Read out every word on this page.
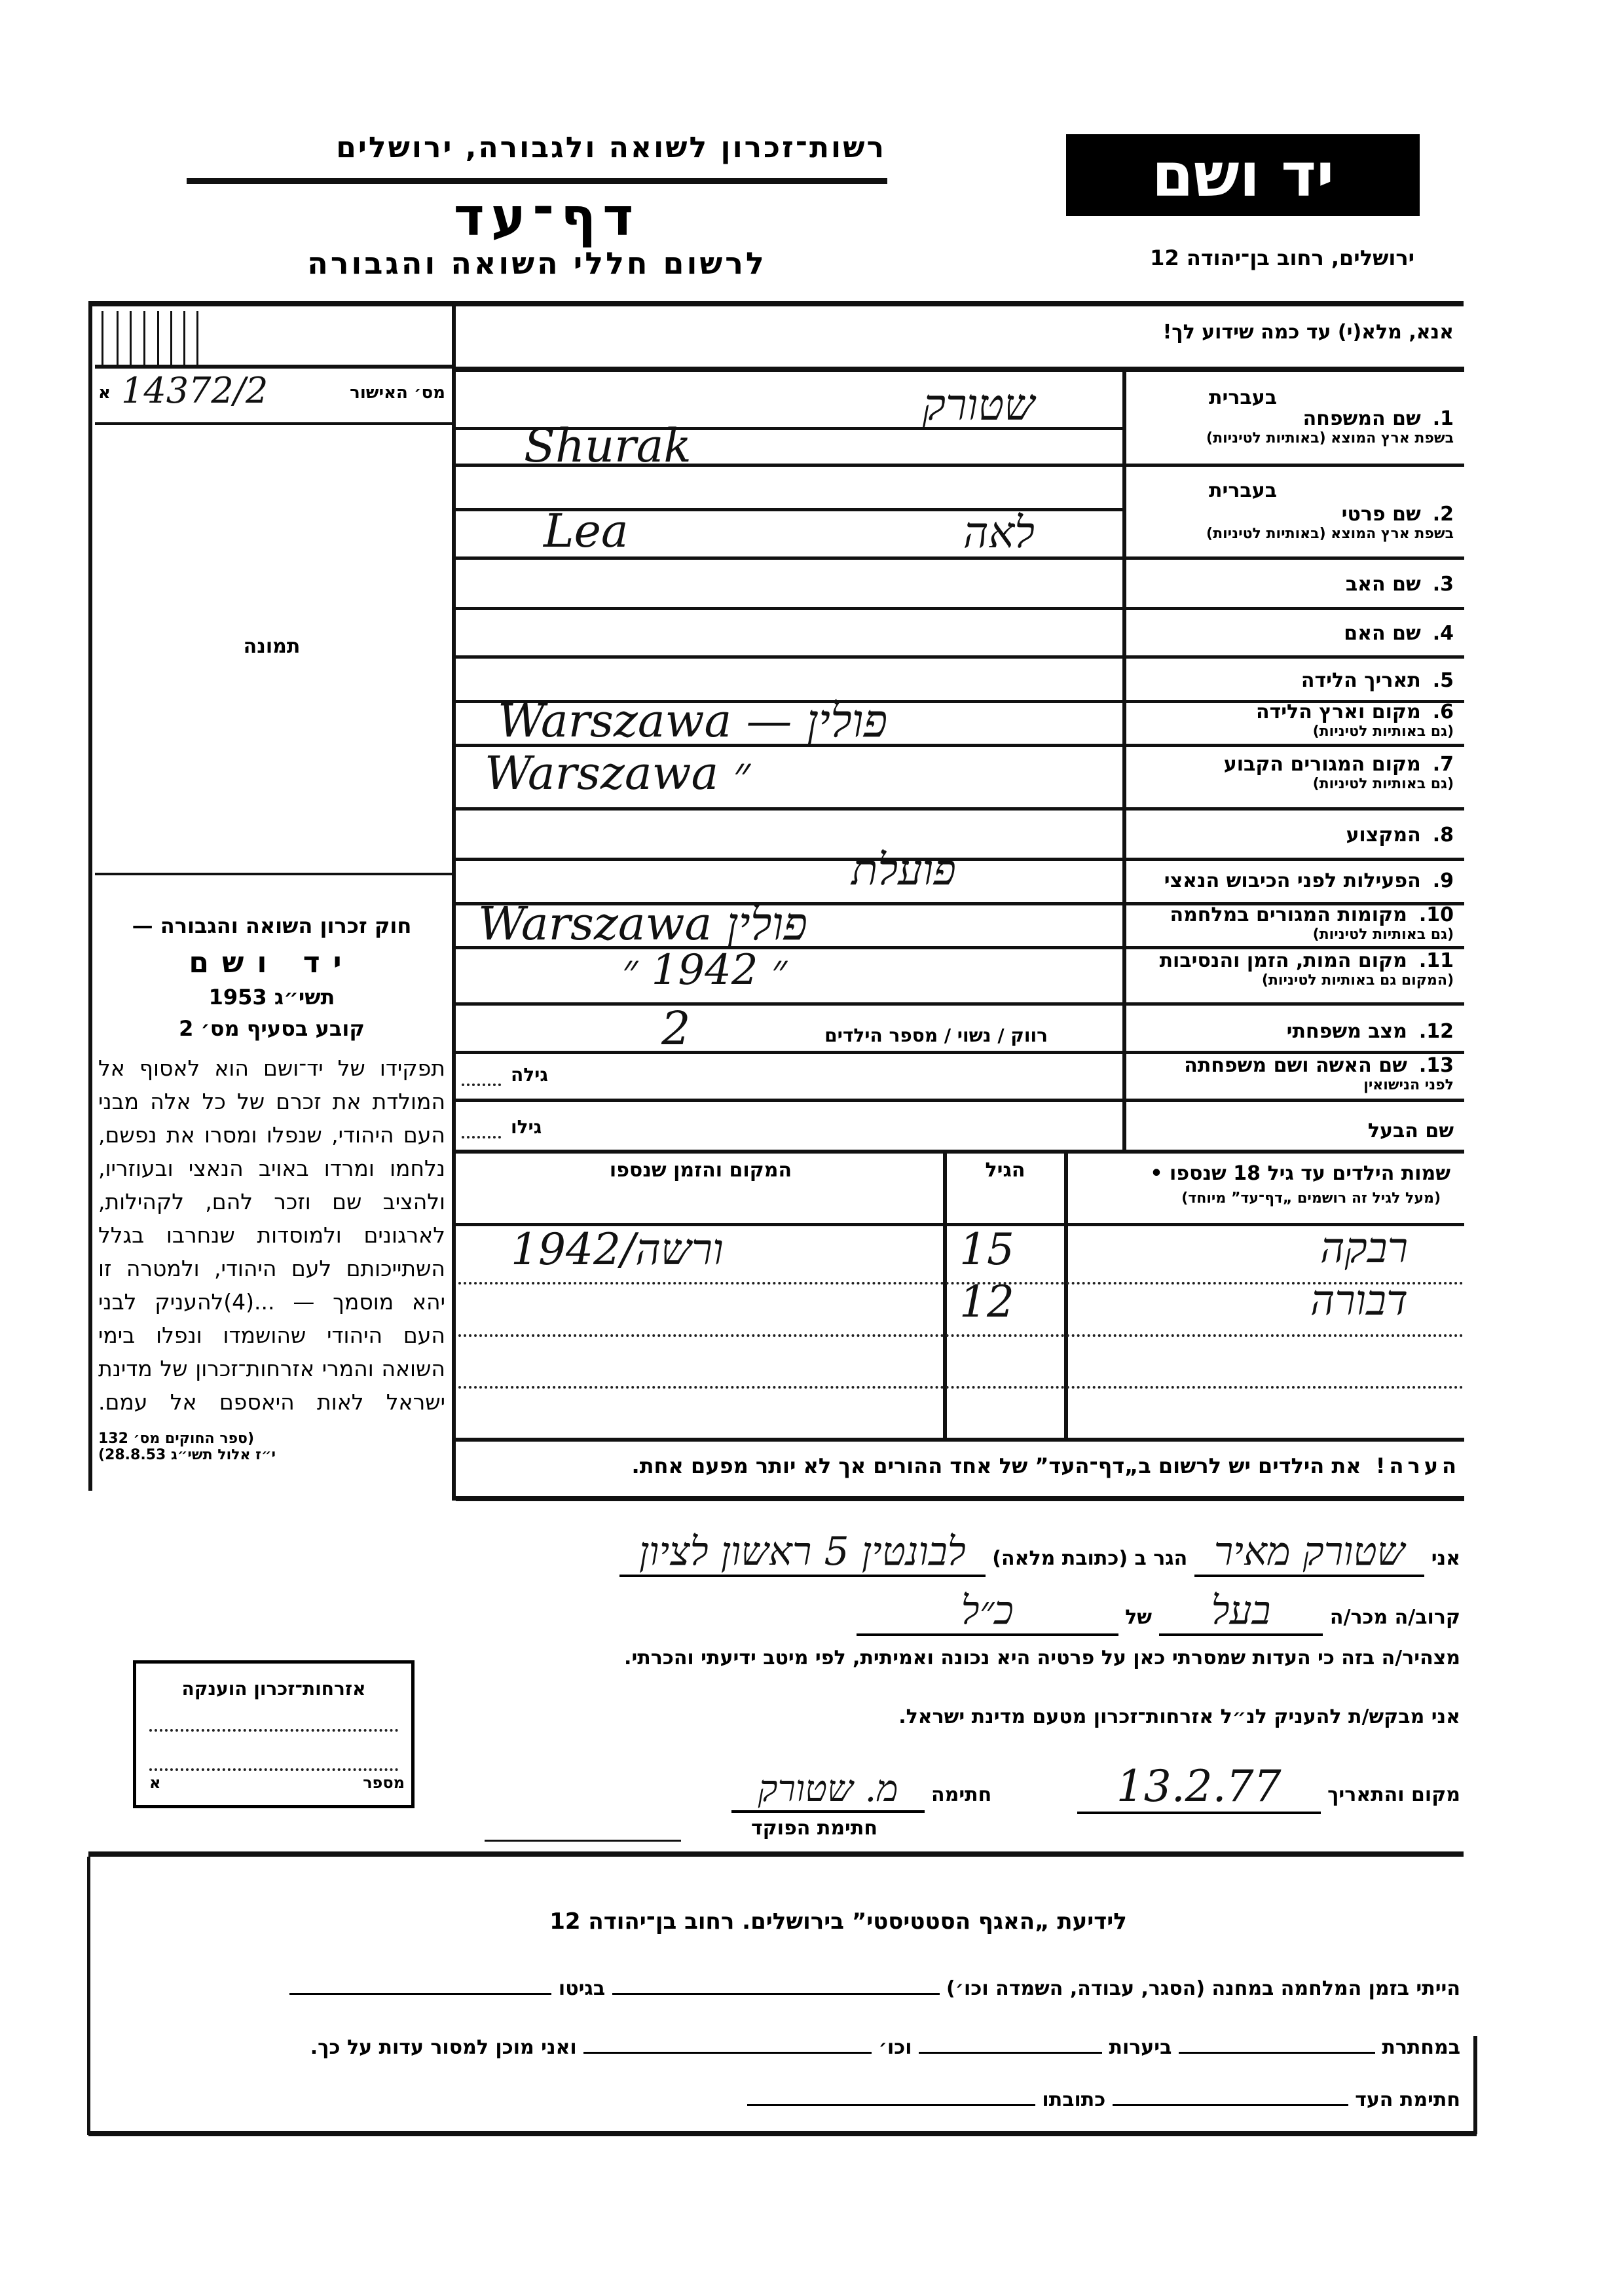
רשות־זכרון לשואה ולגבורה, ירושלים
דף־עד
לרשום חללי השואה והגבורה
יד ושם
ירושלים, רחוב בן־יהודה 12
מס׳ האישור
א 14372/2
תמונה
חוק זכרון השואה והגבורה —
יד ושם
תשי״ג 1953
קובע בסעיף מס׳ 2
תפקידו של יד־ושם הוא לאסוף אל המולדת את זכרם של כל אלה מבני העם היהודי, שנפלו ומסרו את נפשם, נלחמו ומרדו באויב הנאצי ובעוזריו, ולהציב שם וזכר להם, לקהילות, לארגונים ולמוסדות שנחרבו בגלל השתייכותם לעם היהודי, ולמטרה זו יהא מוסמך — ...(4)להעניק לבני העם היהודי שהושמדו ונפלו בימי השואה והמרי אזרחות־זכרון של מדינת ישראל לאות היאספם אל עמם.
(ספר החוקים מס׳ 132
י״ז אלול תשי״ג 28.8.53)
אנא, מלא(י) עד כמה שידוע לך!
בעברית
1.שם המשפחה
בשפת ארץ המוצא (באותיות לטיניות)
בעברית
2.שם פרטי
בשפת ארץ המוצא (באותיות לטיניות)
3.שם האב
4.שם האם
5.תאריך הלידה
6.מקום וארץ הלידה
(גם באותיות לטיניות)
7.מקום המגורים הקבוע
(גם באותיות לטיניות)
8.המקצוע
9.הפעילות לפני הכיבוש הנאצי
10.מקומות המגורים במלחמה
(גם באותיות לטיניות)
11.מקום המות, הזמן והנסיבות
(המקום גם באותיות לטיניות)
12.מצב משפחתי
13.שם האשה ושם משפחתה
לפני הנישואין
שם הבעל
שטורק
Shurak
לאה
Lea
Warszawa — פולין
Warszawa ״
פועלת
Warszawa פולין
״ 1942 ״
רווק / נשוי / מספר הילדים
2
גילה
גילו
שמות הילדים עד גיל 18 שנספו •
(מעל לגיל זה רושמים „דף־עד” מיוחד)
הגיל
המקום והזמן שנספו
רבקה
15
ורשה/1942
דבורה
12
הערה!  את הילדים יש לרשום ב„דף־העד” של אחד ההורים אך לא יותר מפעם אחת.
אני שטורק מאיר הגר ב (כתובת מלאה) לבונטין 5 ראשון לציון
קרוב/ה מכר/ה בעל של כ״ל
מצהיר/ה בזה כי העדות שמסרתי כאן על פרטיה היא נכונה ואמיתית, לפי מיטב ידיעתי והכרתי.
אני מבקש/ת להעניק לנ״ל אזרחות־זכרון מטעם מדינת ישראל.
מקום והתאריך 13.2.77 חתימה מ. שטורק
חתימת הפוקד
אזרחות־זכרון הוענקה
מספר
א
לידיעת „האגף הסטטיסטי” בירושלים. רחוב בן־יהודה 12
הייתי בזמן המלחמה במחנה (הסגר, עבודה, השמדה וכו׳)  בגיטו
במחתרת  ביערות  וכו׳  ואני מוכן למסור עדות על כך.
חתימת העד  כתובתו
